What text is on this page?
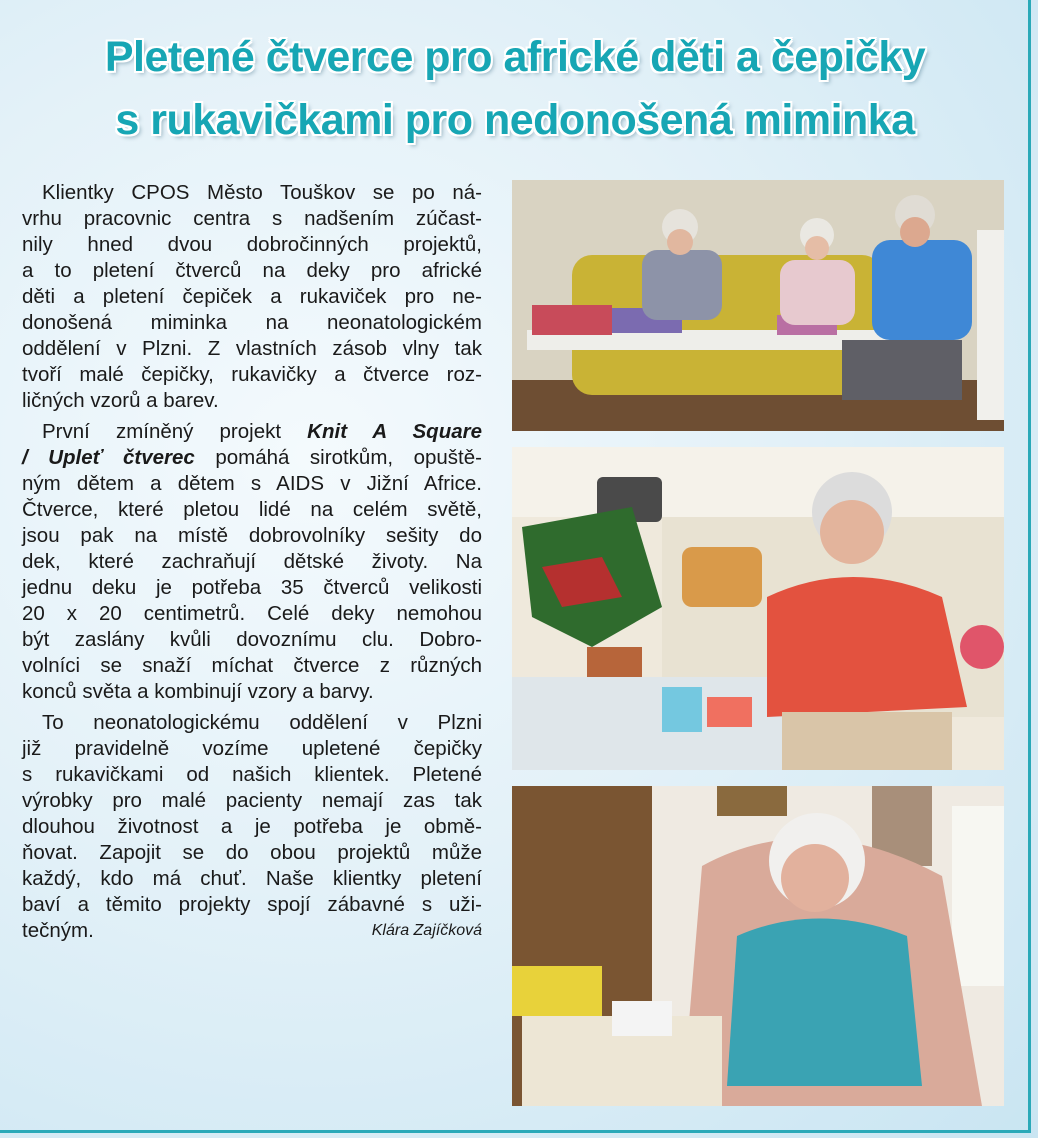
Pletené čtverce pro africké děti a čepičky
s rukavičkami pro nedonošená miminka
Klientky CPOS Město Touškov se po ná-
vrhu pracovnic centra s nadšením zúčast-
nily hned dvou dobročinných projektů,
a to pletení čtverců na deky pro africké
děti a pletení čepiček a rukaviček pro ne-
donošená miminka na neonatologickém
oddělení v Plzni. Z vlastních zásob vlny tak
tvoří malé čepičky, rukavičky a čtverce roz-
ličných vzorů a barev.
První zmíněný projekt Knit A Square
/ Upleť čtverec pomáhá sirotkům, opuště-
ným dětem a dětem s AIDS v Jižní Africe.
Čtverce, které pletou lidé na celém světě,
jsou pak na místě dobrovolníky sešity do
dek, které zachraňují dětské životy. Na
jednu deku je potřeba 35 čtverců velikosti
20 x 20 centimetrů. Celé deky nemohou
být zaslány kvůli dovoznímu clu. Dobro-
volníci se snaží míchat čtverce z různých
konců světa a kombinují vzory a barvy.
To neonatologickému oddělení v Plzni
již pravidelně vozíme upletené čepičky
s rukavičkami od našich klientek. Pletené
výrobky pro malé pacienty nemají zas tak
dlouhou životnost a je potřeba je obmě-
ňovat. Zapojit se do obou projektů může
každý, kdo má chuť. Naše klientky pletení
baví a těmito projekty spojí zábavné s uži-
tečným.	Klára Zajíčková
